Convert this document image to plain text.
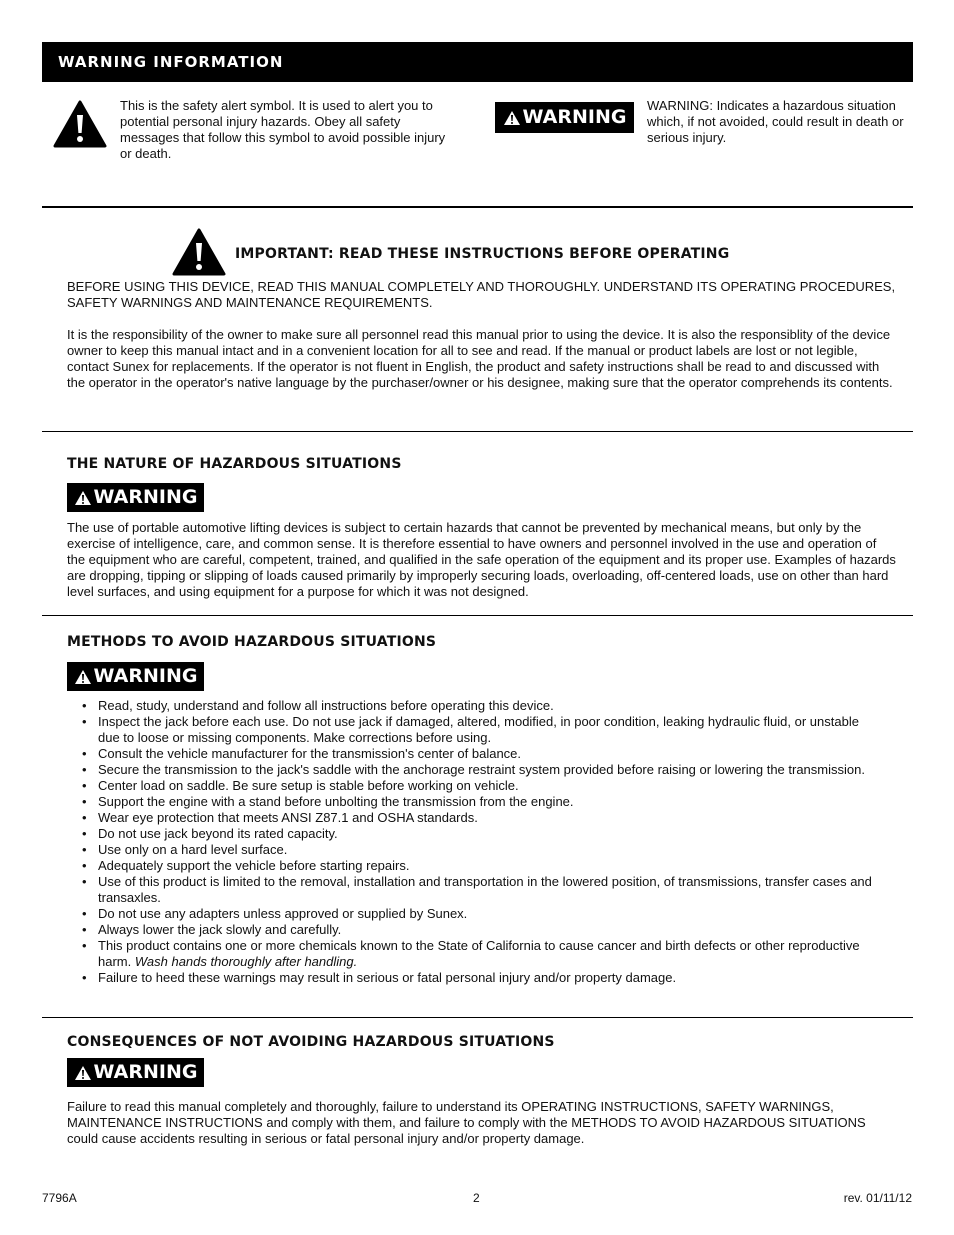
WARNING INFORMATION
This is the safety alert symbol. It is used to alert you to potential personal injury hazards. Obey all safety messages that follow this symbol to avoid possible injury or death.
WARNING
WARNING: Indicates a hazardous situation which, if not avoided, could result in death or serious injury.
IMPORTANT: READ THESE INSTRUCTIONS BEFORE OPERATING

BEFORE USING THIS DEVICE, READ THIS MANUAL COMPLETELY AND THOROUGHLY. UNDERSTAND ITS OPERATING PROCEDURES, SAFETY WARNINGS AND MAINTENANCE REQUIREMENTS.

It is the responsibility of the owner to make sure all personnel read this manual prior to using the device. It is also the responsiblity of the device owner to keep this manual intact and in a convenient location for all to see and read. If the manual or product labels are lost or not legible, contact Sunex for replacements. If the operator is not fluent in English, the product and safety instructions shall be read to and discussed with the operator in the operator's native language by the purchaser/owner or his designee, making sure that the operator comprehends its contents.

THE NATURE OF HAZARDOUS SITUATIONS
WARNING

The use of portable automotive lifting devices is subject to certain hazards that cannot be prevented by mechanical means, but only by the exercise of intelligence, care, and common sense. It is therefore essential to have owners and personnel involved in the use and operation of the equipment who are careful, competent, trained, and qualified in the safe operation of the equipment and its proper use. Examples of hazards are dropping, tipping or slipping of loads caused primarily by improperly securing loads, overloading, off-centered loads, use on other than hard level surfaces, and using equipment for a purpose for which it was not designed.

METHODS TO AVOID HAZARDOUS SITUATIONS
WARNING
• Read, study, understand and follow all instructions before operating this device.
• Inspect the jack before each use. Do not use jack if damaged, altered, modified, in poor condition, leaking hydraulic fluid, or unstable due to loose or missing components. Make corrections before using.
• Consult the vehicle manufacturer for the transmission's center of balance.
• Secure the transmission to the jack's saddle with the anchorage restraint system provided before raising or lowering the transmission.
• Center load on saddle. Be sure setup is stable before working on vehicle.
• Support the engine with a stand before unbolting the transmission from the engine.
• Wear eye protection that meets ANSI Z87.1 and OSHA standards.
• Do not use jack beyond its rated capacity.
• Use only on a hard level surface.
• Adequately support the vehicle before starting repairs.
• Use of this product is limited to the removal, installation and transportation in the lowered position, of transmissions, transfer cases and transaxles.
• Do not use any adapters unless approved or supplied by Sunex.
• Always lower the jack slowly and carefully.
• This product contains one or more chemicals known to the State of California to cause cancer and birth defects or other reproductive harm. Wash hands thoroughly after handling.
• Failure to heed these warnings may result in serious or fatal personal injury and/or property damage.
CONSEQUENCES OF NOT AVOIDING HAZARDOUS SITUATIONS
WARNING

Failure to read this manual completely and thoroughly, failure to understand its OPERATING INSTRUCTIONS, SAFETY WARNINGS, MAINTENANCE INSTRUCTIONS and comply with them, and failure to comply with the METHODS TO AVOID HAZARDOUS SITUATIONS could cause accidents resulting in serious or fatal personal injury and/or property damage.

7796A	2	rev. 01/11/12
